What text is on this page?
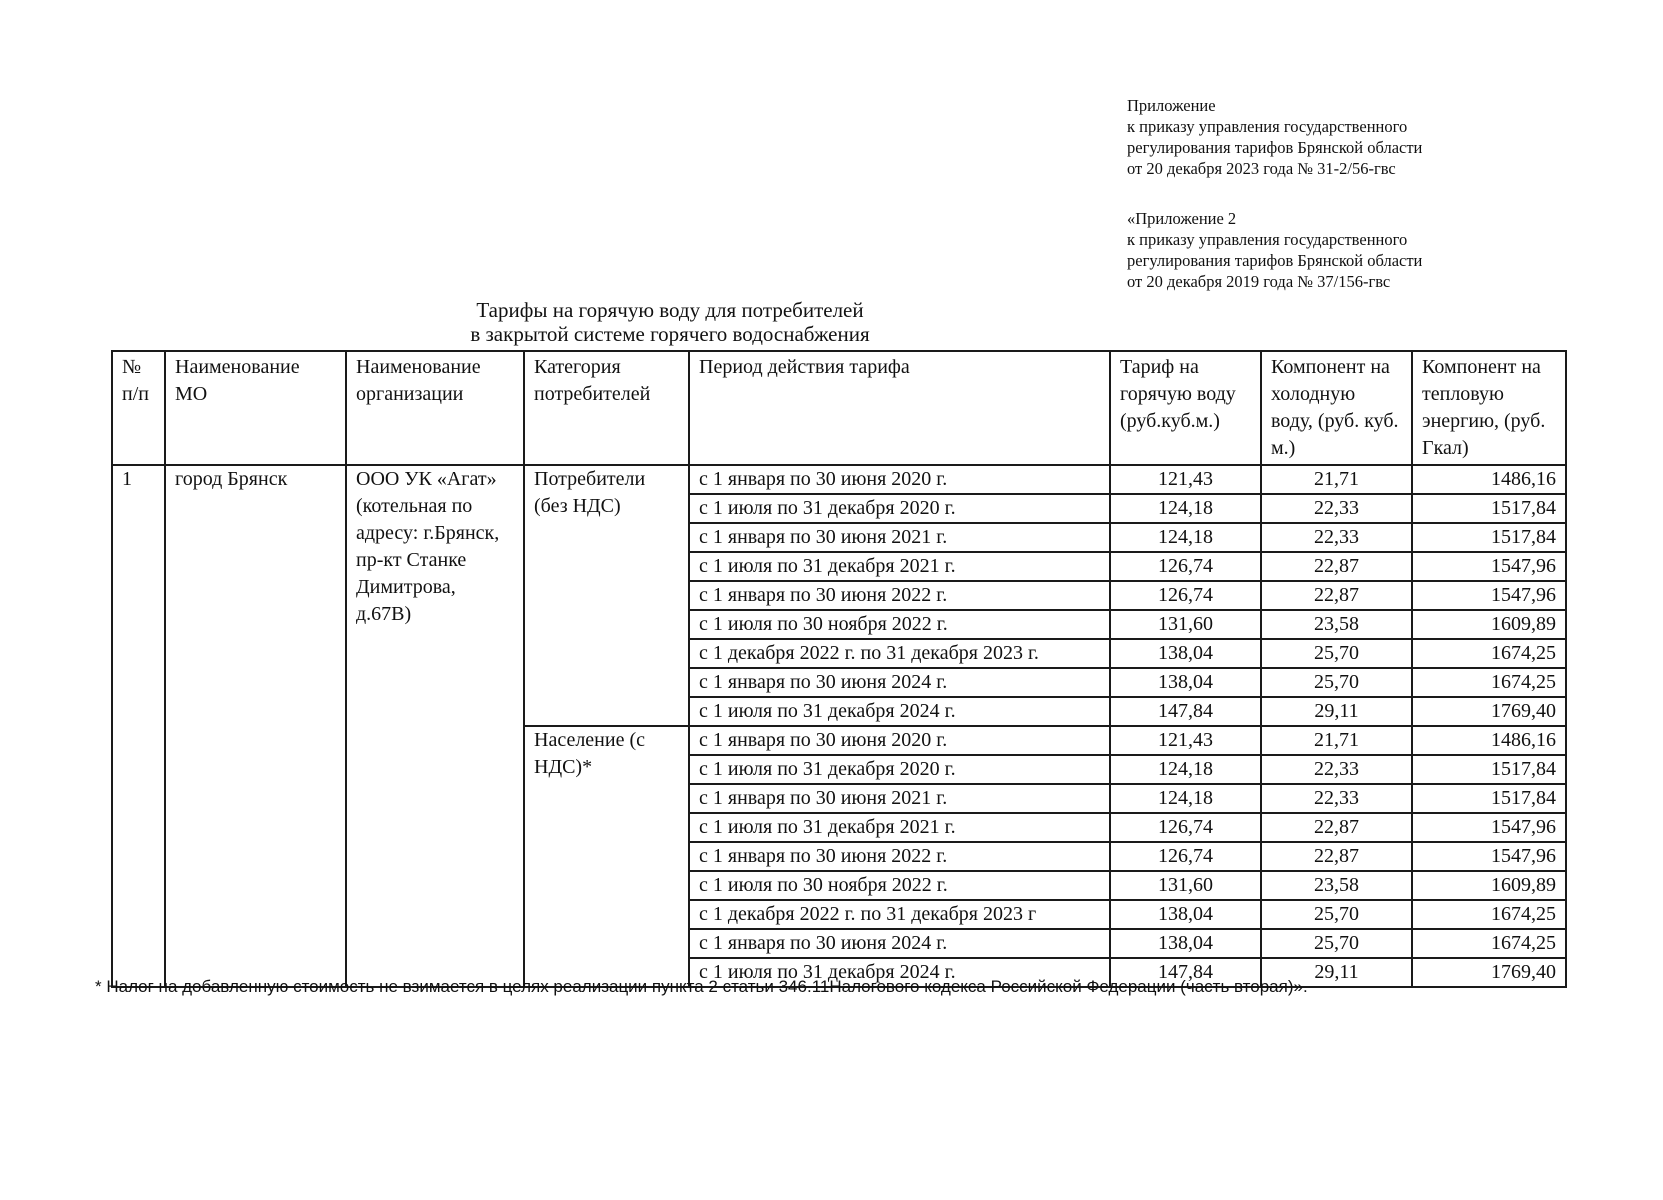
Приложение
к приказу управления государственного
регулирования тарифов Брянской области
от 20 декабря 2023 года № 31-2/56-гвс
«Приложение 2
к приказу управления государственного
регулирования тарифов Брянской области
от 20 декабря 2019 года № 37/156-гвс
Тарифы на горячую воду для потребителей
в закрытой системе горячего водоснабжения
№ п/п	Наименование МО	Наименование организации	Категория потребителей	Период действия тарифа	Тариф на горячую воду (руб.куб.м.)	Компонент на холодную воду, (руб. куб. м.)	Компонент на тепловую энергию, (руб. Гкал)
1	город Брянск	ООО УК «Агат» (котельная по адресу: г.Брянск, пр-кт Станке Димитрова, д.67В)	Потребители (без НДС)	с 1 января по 30 июня 2020 г.	121,43	21,71	1486,16
				с 1 июля по 31 декабря 2020 г.	124,18	22,33	1517,84
				с 1 января по 30 июня 2021 г.	124,18	22,33	1517,84
				с 1 июля по 31 декабря 2021 г.	126,74	22,87	1547,96
				с 1 января по 30 июня 2022 г.	126,74	22,87	1547,96
				с 1 июля по 30 ноября 2022 г.	131,60	23,58	1609,89
				с 1 декабря 2022 г. по 31 декабря 2023 г.	138,04	25,70	1674,25
				с 1 января по 30 июня 2024 г.	138,04	25,70	1674,25
				с 1 июля по 31 декабря 2024 г.	147,84	29,11	1769,40
			Население (с НДС)*	с 1 января по 30 июня 2020 г.	121,43	21,71	1486,16
				с 1 июля по 31 декабря 2020 г.	124,18	22,33	1517,84
				с 1 января по 30 июня 2021 г.	124,18	22,33	1517,84
				с 1 июля по 31 декабря 2021 г.	126,74	22,87	1547,96
				с 1 января по 30 июня 2022 г.	126,74	22,87	1547,96
				с 1 июля по 30 ноября 2022 г.	131,60	23,58	1609,89
				с 1 декабря 2022 г. по 31 декабря 2023 г	138,04	25,70	1674,25
				с 1 января по 30 июня 2024 г.	138,04	25,70	1674,25
				с 1 июля по 31 декабря 2024 г.	147,84	29,11	1769,40
* Налог на добавленную стоимость не взимается в целях реализации пункта 2 статьи 346.11Налогового кодекса Российской Федерации (часть вторая)».
